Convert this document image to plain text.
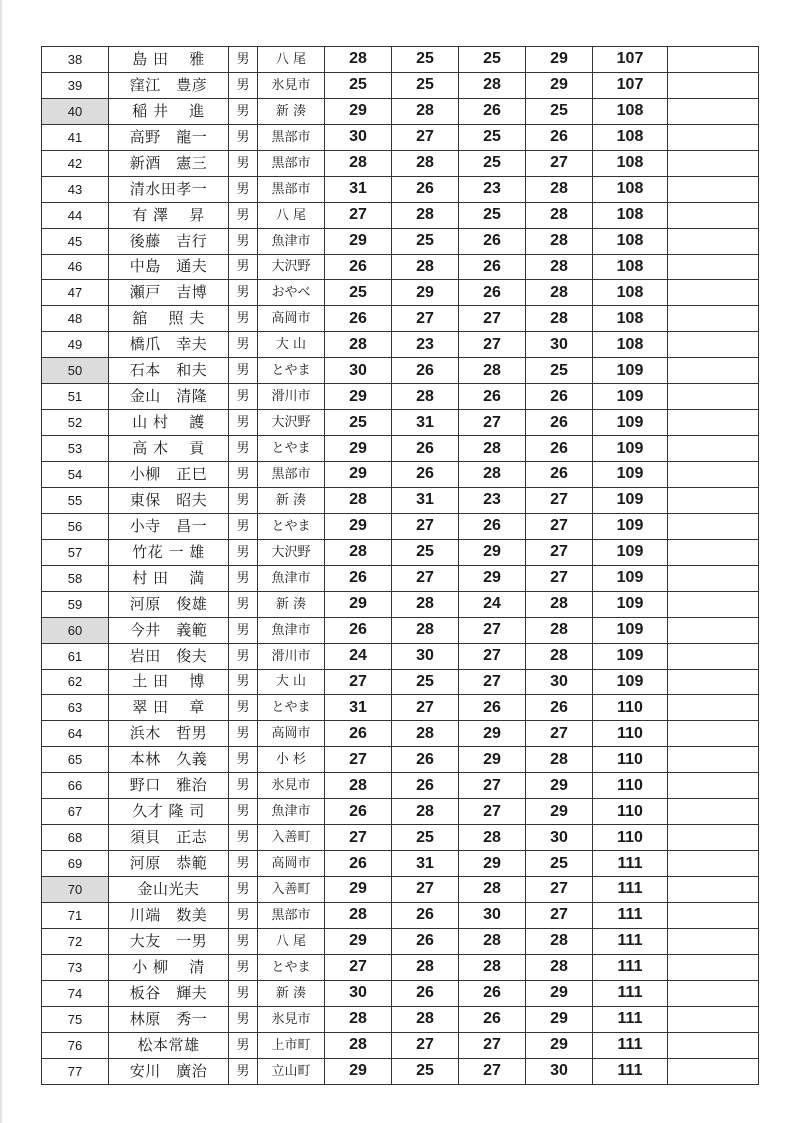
38	島 田　 雅	男	八 尾	28	25	25	29	107	
39	窪江　豊彦	男	氷見市	25	25	28	29	107	
40	稲 井　 進	男	新 湊	29	28	26	25	108	
41	高野　龍一	男	黒部市	30	27	25	26	108	
42	新酒　憲三	男	黒部市	28	28	25	27	108	
43	清水田孝一	男	黒部市	31	26	23	28	108	
44	有 澤　 昇	男	八 尾	27	28	25	28	108	
45	後藤　吉行	男	魚津市	29	25	26	28	108	
46	中島　通夫	男	大沢野	26	28	26	28	108	
47	瀬戸　吉博	男	おやべ	25	29	26	28	108	
48	舘　 照 夫	男	高岡市	26	27	27	28	108	
49	橋爪　幸夫	男	大 山	28	23	27	30	108	
50	石本　和夫	男	とやま	30	26	28	25	109	
51	金山　清隆	男	滑川市	29	28	26	26	109	
52	山 村　 護	男	大沢野	25	31	27	26	109	
53	高 木　 貢	男	とやま	29	26	28	26	109	
54	小柳　正巳	男	黒部市	29	26	28	26	109	
55	東保　昭夫	男	新 湊	28	31	23	27	109	
56	小寺　昌一	男	とやま	29	27	26	27	109	
57	竹花 一 雄	男	大沢野	28	25	29	27	109	
58	村 田　 満	男	魚津市	26	27	29	27	109	
59	河原　俊雄	男	新 湊	29	28	24	28	109	
60	今井　義範	男	魚津市	26	28	27	28	109	
61	岩田　俊夫	男	滑川市	24	30	27	28	109	
62	土 田　 博	男	大 山	27	25	27	30	109	
63	翠 田　 章	男	とやま	31	27	26	26	110	
64	浜木　哲男	男	高岡市	26	28	29	27	110	
65	本林　久義	男	小 杉	27	26	29	28	110	
66	野口　雅治	男	氷見市	28	26	27	29	110	
67	久才 隆 司	男	魚津市	26	28	27	29	110	
68	須貝　正志	男	入善町	27	25	28	30	110	
69	河原　恭範	男	高岡市	26	31	29	25	111	
70	金山光夫	男	入善町	29	27	28	27	111	
71	川端　数美	男	黒部市	28	26	30	27	111	
72	大友　一男	男	八 尾	29	26	28	28	111	
73	小 柳　 清	男	とやま	27	28	28	28	111	
74	板谷　輝夫	男	新 湊	30	26	26	29	111	
75	林原　秀一	男	氷見市	28	28	26	29	111	
76	松本常雄	男	上市町	28	27	27	29	111	
77	安川　廣治	男	立山町	29	25	27	30	111	
